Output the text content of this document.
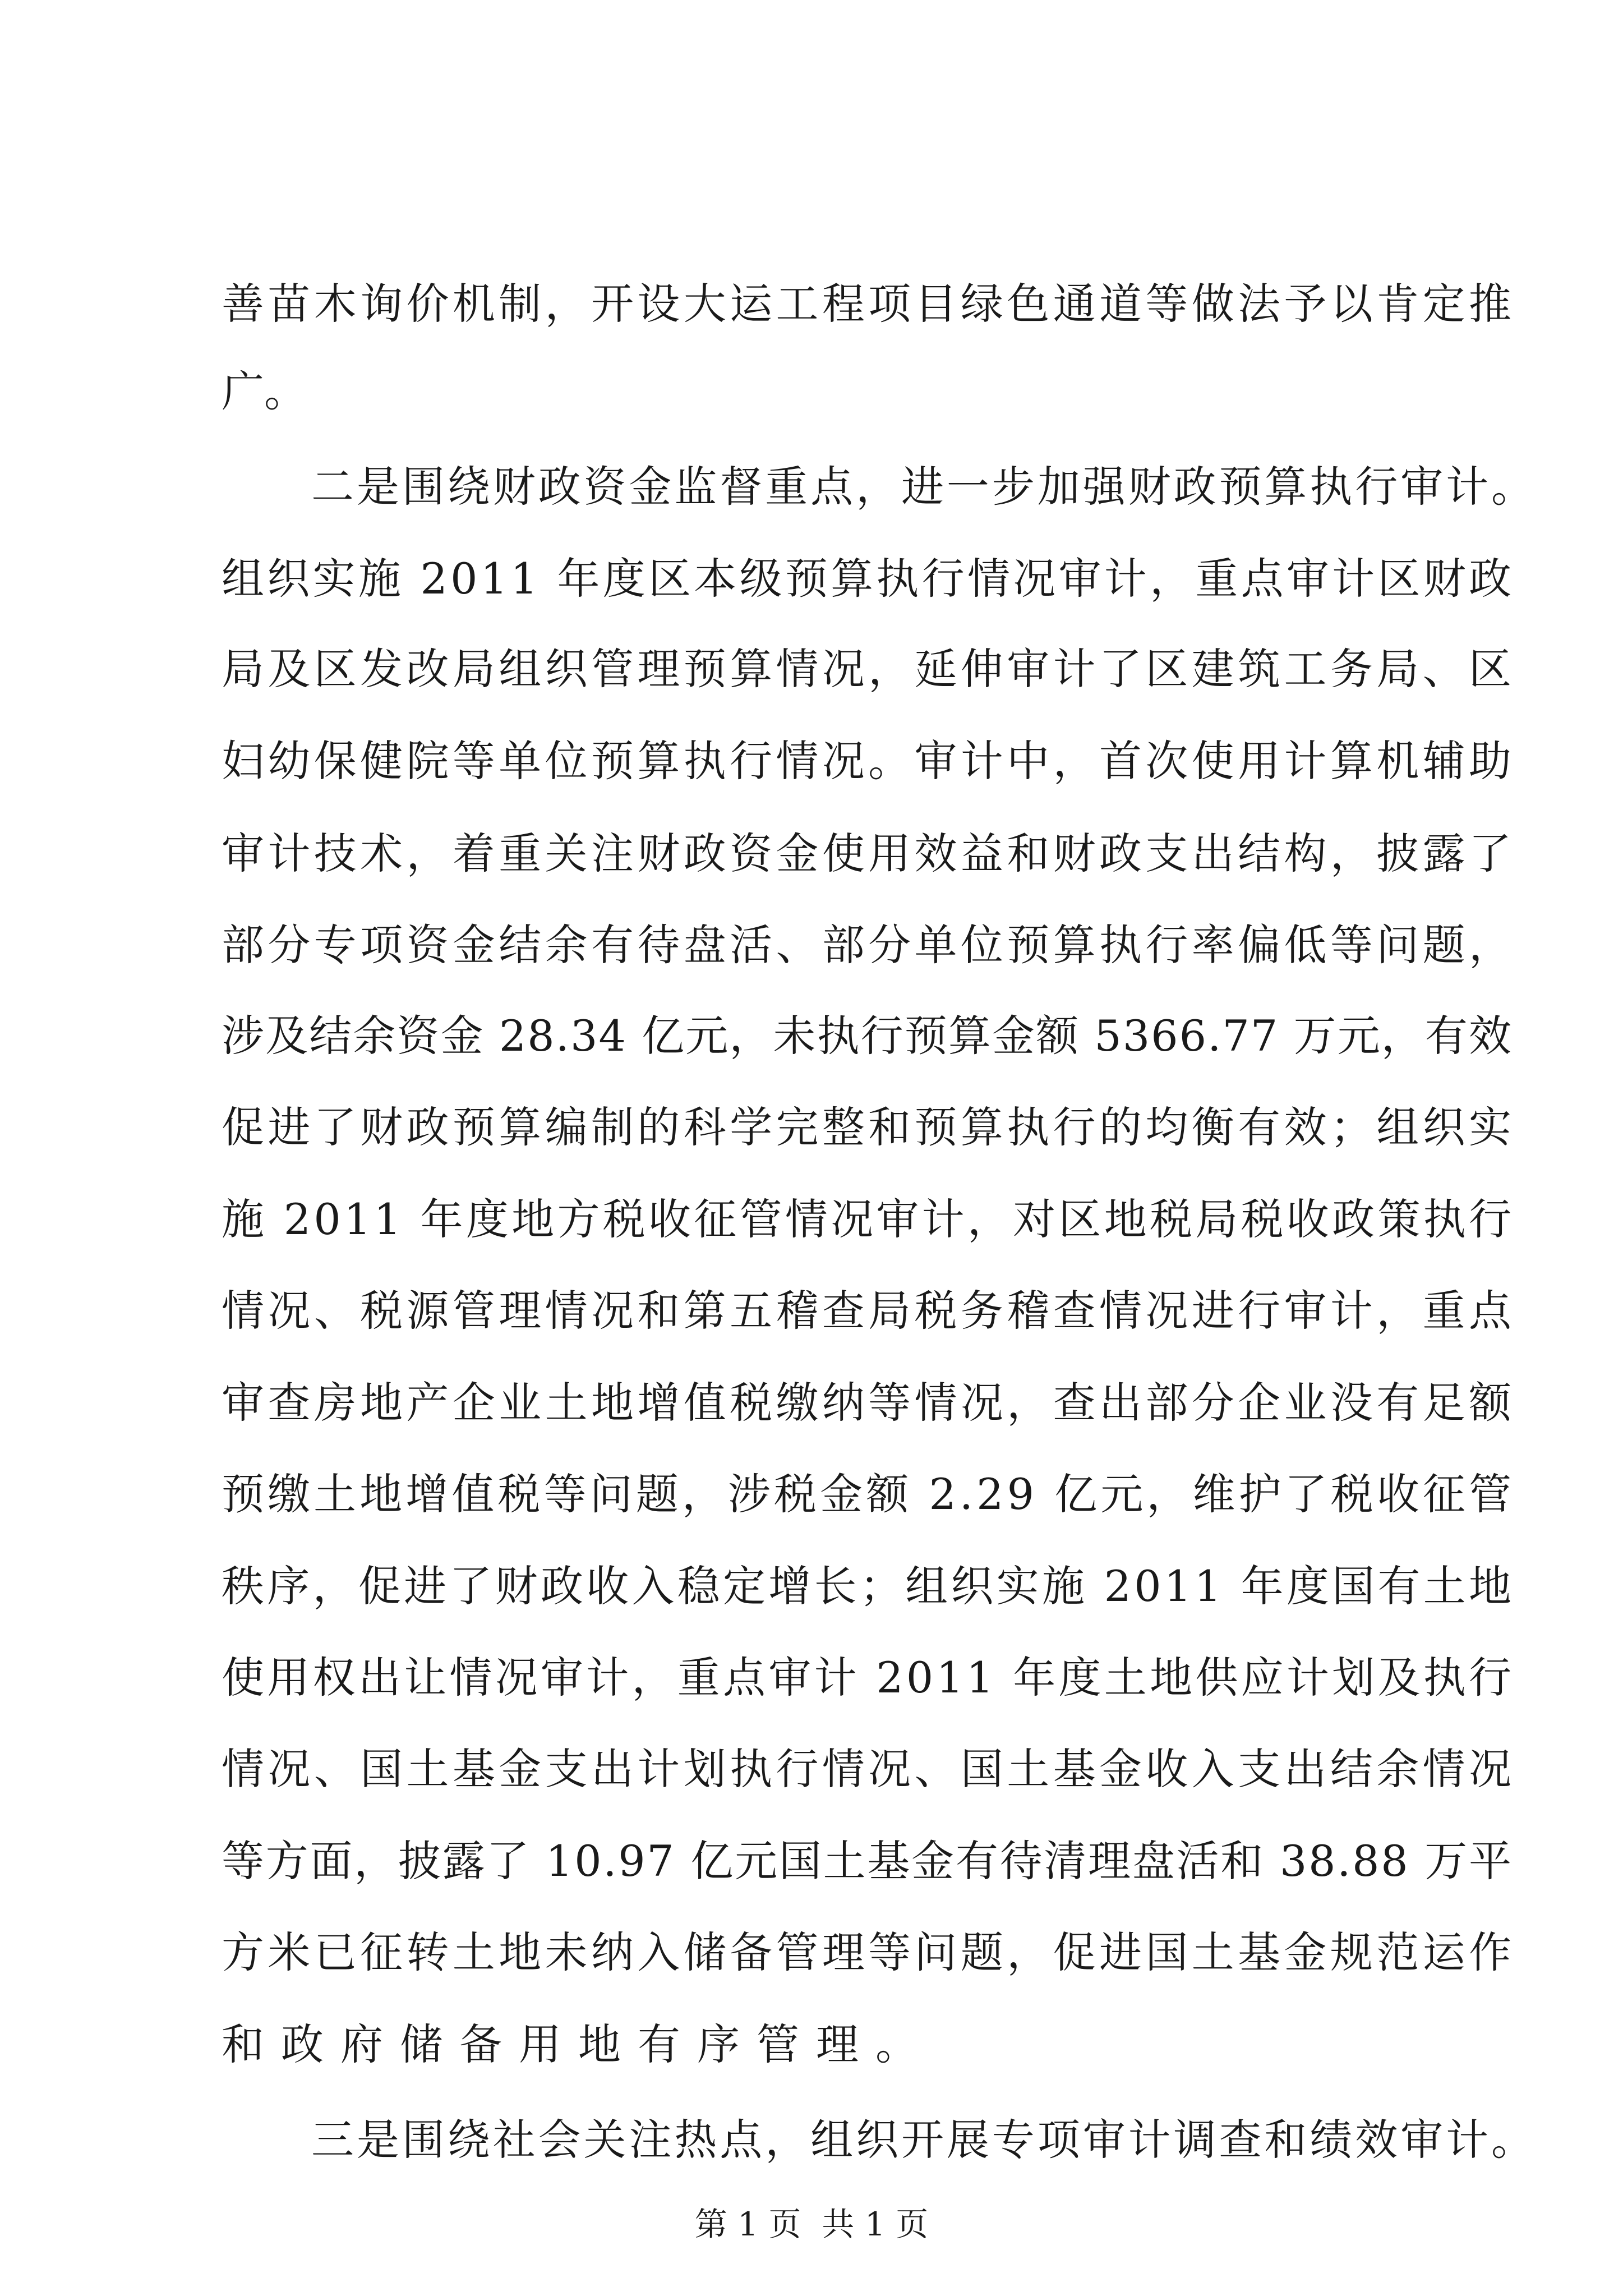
善苗木询价机制，开设大运工程项目绿色通道等做法予以肯定推
广。
二是围绕财政资金监督重点，进一步加强财政预算执行审计。
组织实施 2011 年度区本级预算执行情况审计，重点审计区财政
局及区发改局组织管理预算情况，延伸审计了区建筑工务局、区
妇幼保健院等单位预算执行情况。审计中，首次使用计算机辅助
审计技术，着重关注财政资金使用效益和财政支出结构，披露了
部分专项资金结余有待盘活、部分单位预算执行率偏低等问题，
涉及结余资金 28.34 亿元，未执行预算金额 5366.77 万元，有效
促进了财政预算编制的科学完整和预算执行的均衡有效；组织实
施 2011 年度地方税收征管情况审计，对区地税局税收政策执行
情况、税源管理情况和第五稽查局税务稽查情况进行审计，重点
审查房地产企业土地增值税缴纳等情况，查出部分企业没有足额
预缴土地增值税等问题，涉税金额 2.29 亿元，维护了税收征管
秩序，促进了财政收入稳定增长；组织实施 2011 年度国有土地
使用权出让情况审计，重点审计 2011 年度土地供应计划及执行
情况、国土基金支出计划执行情况、国土基金收入支出结余情况
等方面，披露了 10.97 亿元国土基金有待清理盘活和 38.88 万平
方米已征转土地未纳入储备管理等问题，促进国土基金规范运作
和政府储备用地有序管理。
三是围绕社会关注热点，组织开展专项审计调查和绩效审计。
第 1 页  共 1 页
